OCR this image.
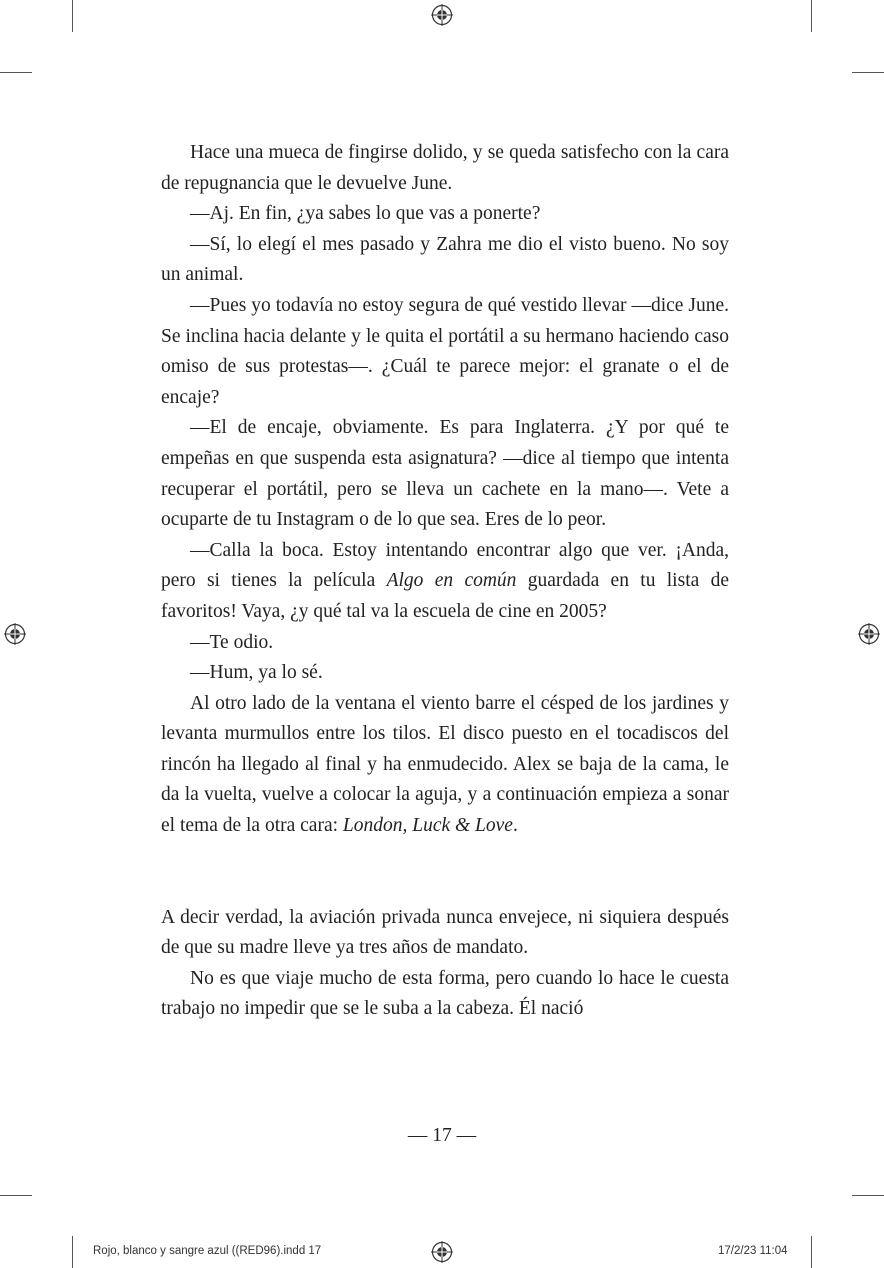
Hace una mueca de fingirse dolido, y se queda satisfecho con la cara de repugnancia que le devuelve June.

—Aj. En fin, ¿ya sabes lo que vas a ponerte?

—Sí, lo elegí el mes pasado y Zahra me dio el visto bueno. No soy un animal.

—Pues yo todavía no estoy segura de qué vestido llevar —dice June. Se inclina hacia delante y le quita el portátil a su hermano haciendo caso omiso de sus protestas—. ¿Cuál te parece mejor: el granate o el de encaje?

—El de encaje, obviamente. Es para Inglaterra. ¿Y por qué te empeñas en que suspenda esta asignatura? —dice al tiempo que intenta recuperar el portátil, pero se lleva un cachete en la mano—. Vete a ocuparte de tu Instagram o de lo que sea. Eres de lo peor.

—Calla la boca. Estoy intentando encontrar algo que ver. ¡Anda, pero si tienes la película Algo en común guardada en tu lista de favoritos! Vaya, ¿y qué tal va la escuela de cine en 2005?

—Te odio.

—Hum, ya lo sé.

Al otro lado de la ventana el viento barre el césped de los jardines y levanta murmullos entre los tilos. El disco puesto en el tocadiscos del rincón ha llegado al final y ha enmudecido. Alex se baja de la cama, le da la vuelta, vuelve a colocar la aguja, y a continuación empieza a sonar el tema de la otra cara: London, Luck & Love.

A decir verdad, la aviación privada nunca envejece, ni siquiera después de que su madre lleve ya tres años de mandato.

No es que viaje mucho de esta forma, pero cuando lo hace le cuesta trabajo no impedir que se le suba a la cabeza. Él nació

— 17 —
Rojo, blanco y sangre azul ((RED96).indd 17	17/2/23 11:04
